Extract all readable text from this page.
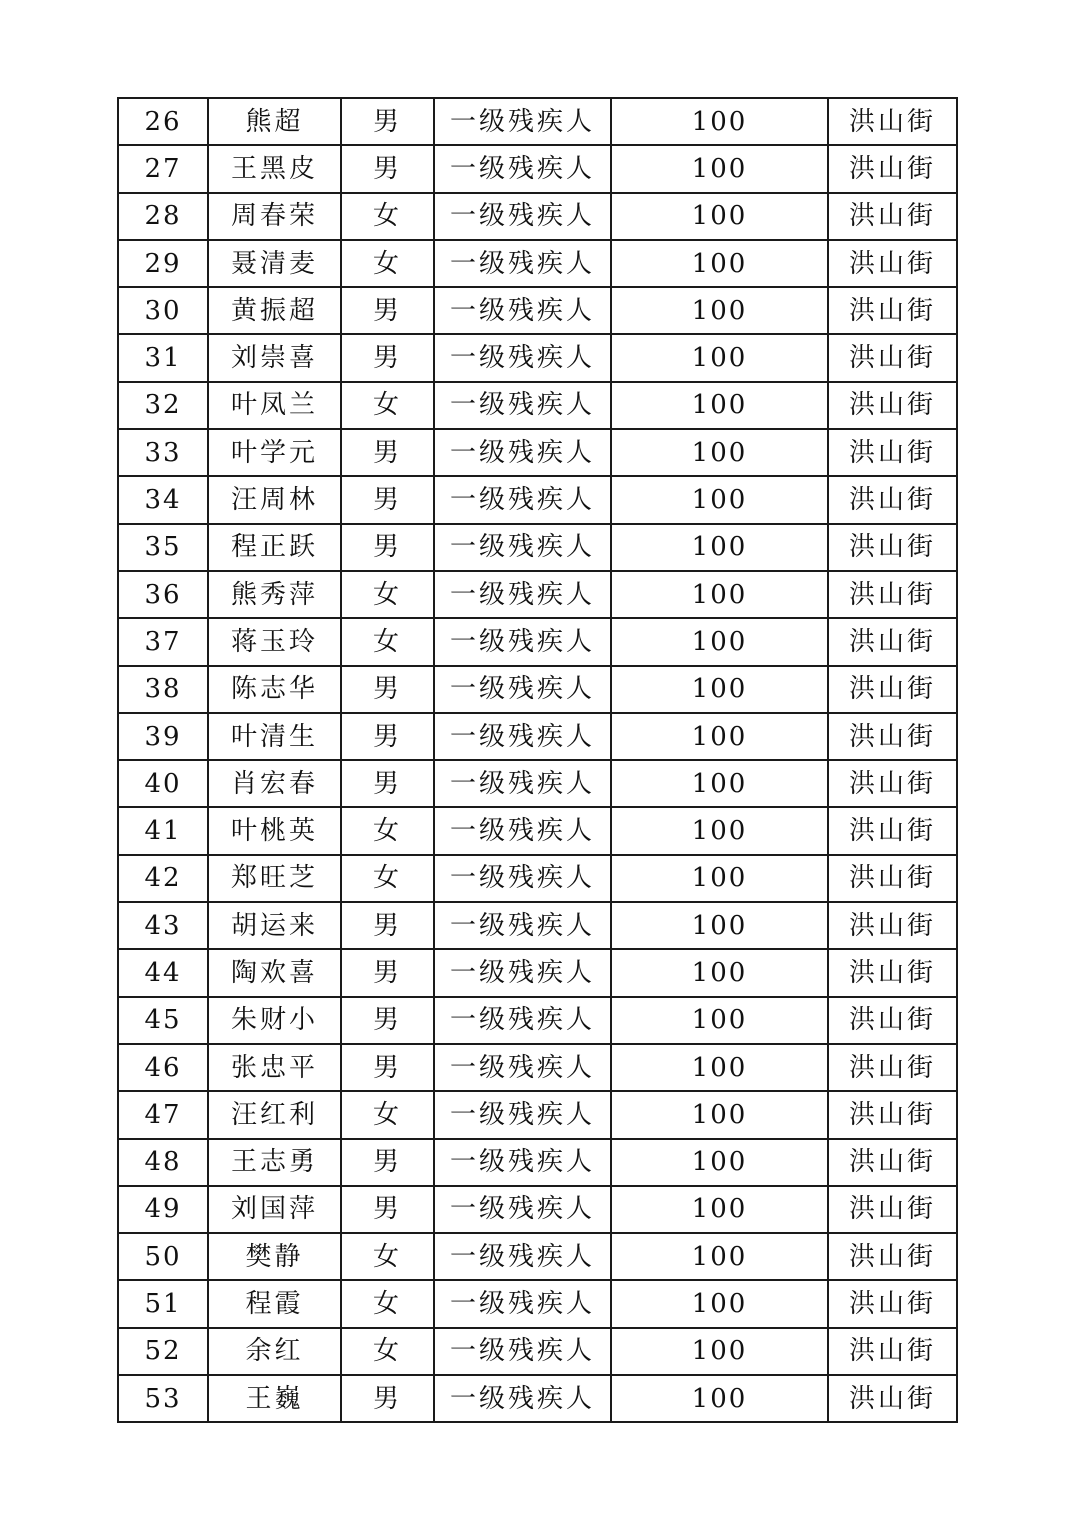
26	熊超	男	一级残疾人	100	洪山街
27	王黑皮	男	一级残疾人	100	洪山街
28	周春荣	女	一级残疾人	100	洪山街
29	聂清麦	女	一级残疾人	100	洪山街
30	黄振超	男	一级残疾人	100	洪山街
31	刘崇喜	男	一级残疾人	100	洪山街
32	叶凤兰	女	一级残疾人	100	洪山街
33	叶学元	男	一级残疾人	100	洪山街
34	汪周林	男	一级残疾人	100	洪山街
35	程正跃	男	一级残疾人	100	洪山街
36	熊秀萍	女	一级残疾人	100	洪山街
37	蒋玉玲	女	一级残疾人	100	洪山街
38	陈志华	男	一级残疾人	100	洪山街
39	叶清生	男	一级残疾人	100	洪山街
40	肖宏春	男	一级残疾人	100	洪山街
41	叶桃英	女	一级残疾人	100	洪山街
42	郑旺芝	女	一级残疾人	100	洪山街
43	胡运来	男	一级残疾人	100	洪山街
44	陶欢喜	男	一级残疾人	100	洪山街
45	朱财小	男	一级残疾人	100	洪山街
46	张忠平	男	一级残疾人	100	洪山街
47	汪红利	女	一级残疾人	100	洪山街
48	王志勇	男	一级残疾人	100	洪山街
49	刘国萍	男	一级残疾人	100	洪山街
50	樊静	女	一级残疾人	100	洪山街
51	程霞	女	一级残疾人	100	洪山街
52	余红	女	一级残疾人	100	洪山街
53	王巍	男	一级残疾人	100	洪山街
